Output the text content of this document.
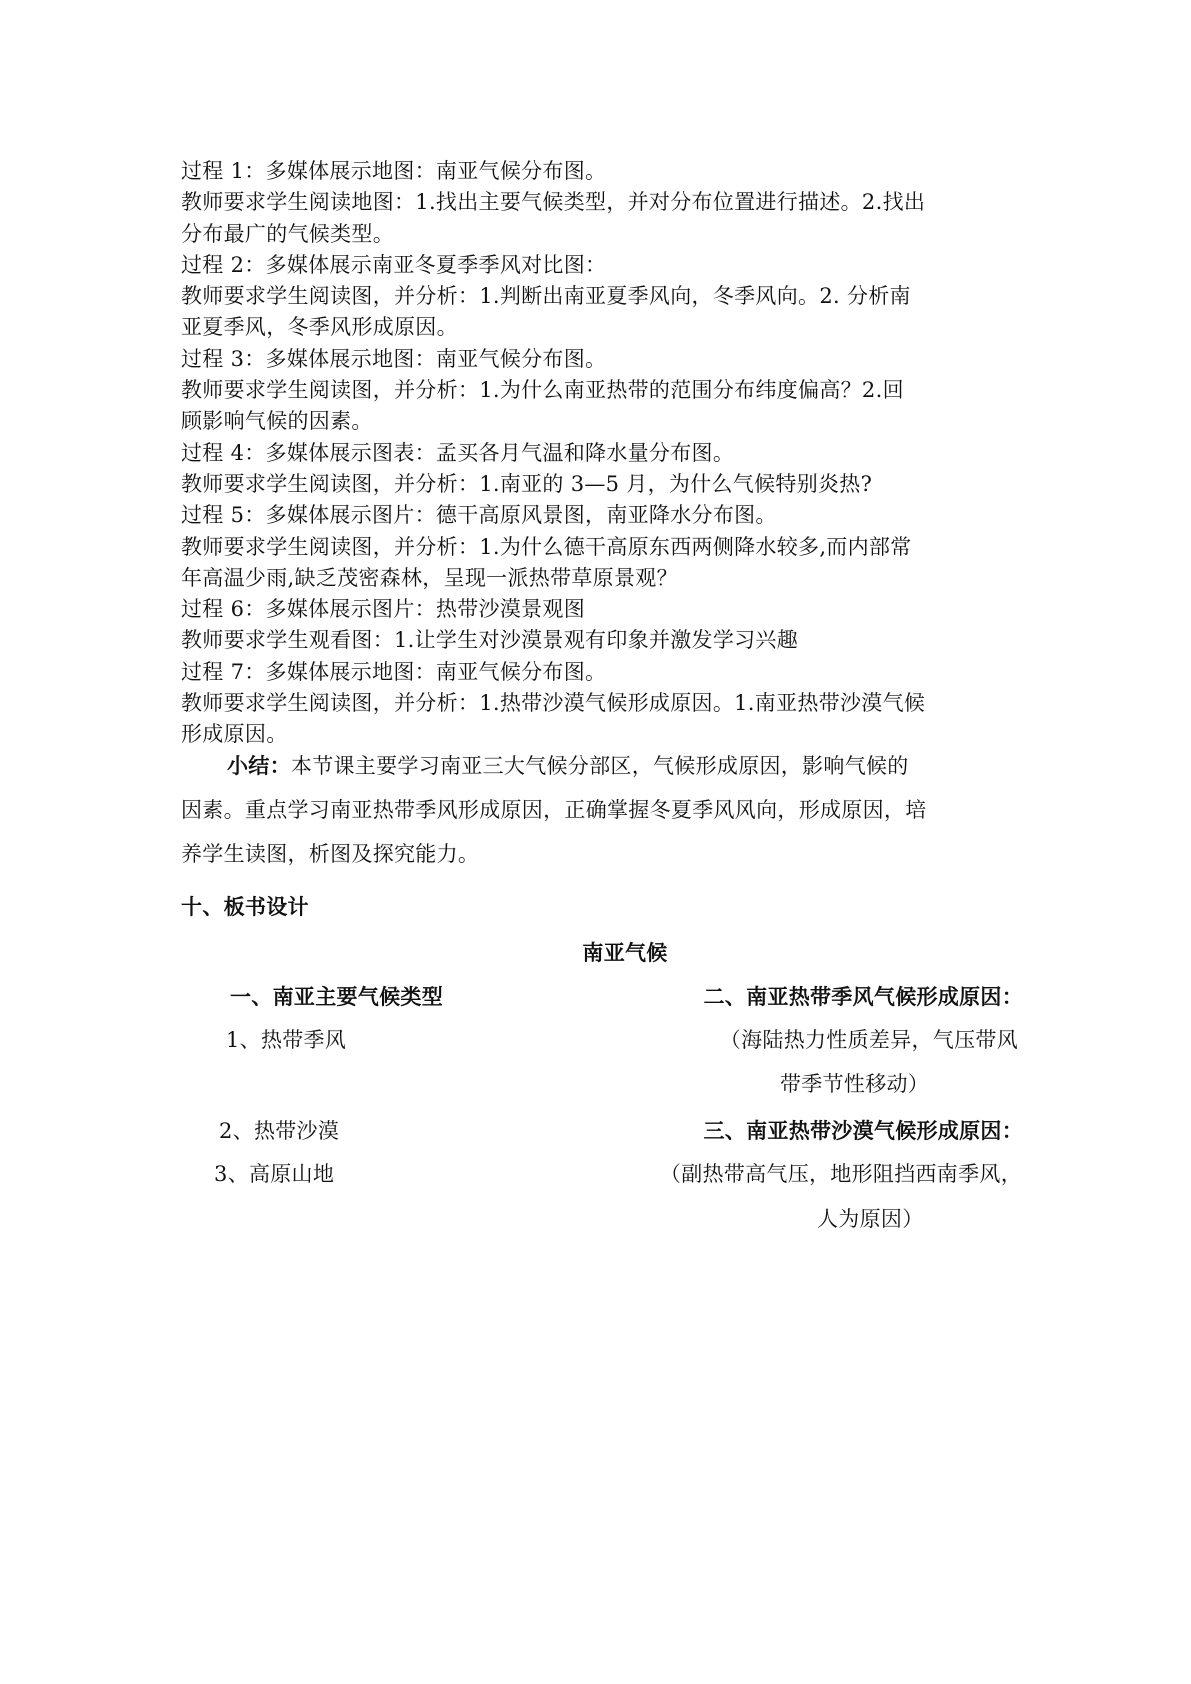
过程 1：多媒体展示地图：南亚气候分布图。
教师要求学生阅读地图：1.找出主要气候类型，并对分布位置进行描述。2.找出
分布最广的气候类型。
过程 2：多媒体展示南亚冬夏季季风对比图：
教师要求学生阅读图，并分析：1.判断出南亚夏季风向，冬季风向。2. 分析南
亚夏季风，冬季风形成原因。
过程 3：多媒体展示地图：南亚气候分布图。
教师要求学生阅读图，并分析：1.为什么南亚热带的范围分布纬度偏高？2.回
顾影响气候的因素。
过程 4：多媒体展示图表：孟买各月气温和降水量分布图。
教师要求学生阅读图，并分析：1.南亚的 3—5 月，为什么气候特别炎热?
过程 5：多媒体展示图片：德干高原风景图，南亚降水分布图。
教师要求学生阅读图，并分析：1.为什么德干高原东西两侧降水较多,而内部常
年高温少雨,缺乏茂密森林，呈现一派热带草原景观？
过程 6：多媒体展示图片：热带沙漠景观图
教师要求学生观看图：1.让学生对沙漠景观有印象并激发学习兴趣
过程 7：多媒体展示地图：南亚气候分布图。
教师要求学生阅读图，并分析：1.热带沙漠气候形成原因。1.南亚热带沙漠气候
形成原因。
小结：本节课主要学习南亚三大气候分部区，气候形成原因，影响气候的
因素。重点学习南亚热带季风形成原因，正确掌握冬夏季风风向，形成原因，培
养学生读图，析图及探究能力。
十、板书设计
南亚气候
一、南亚主要气候类型
1、热带季风
2、热带沙漠
3、高原山地
二、南亚热带季风气候形成原因：
（海陆热力性质差异，气压带风
带季节性移动）
三、南亚热带沙漠气候形成原因：
（副热带高气压，地形阻挡西南季风，
人为原因）
